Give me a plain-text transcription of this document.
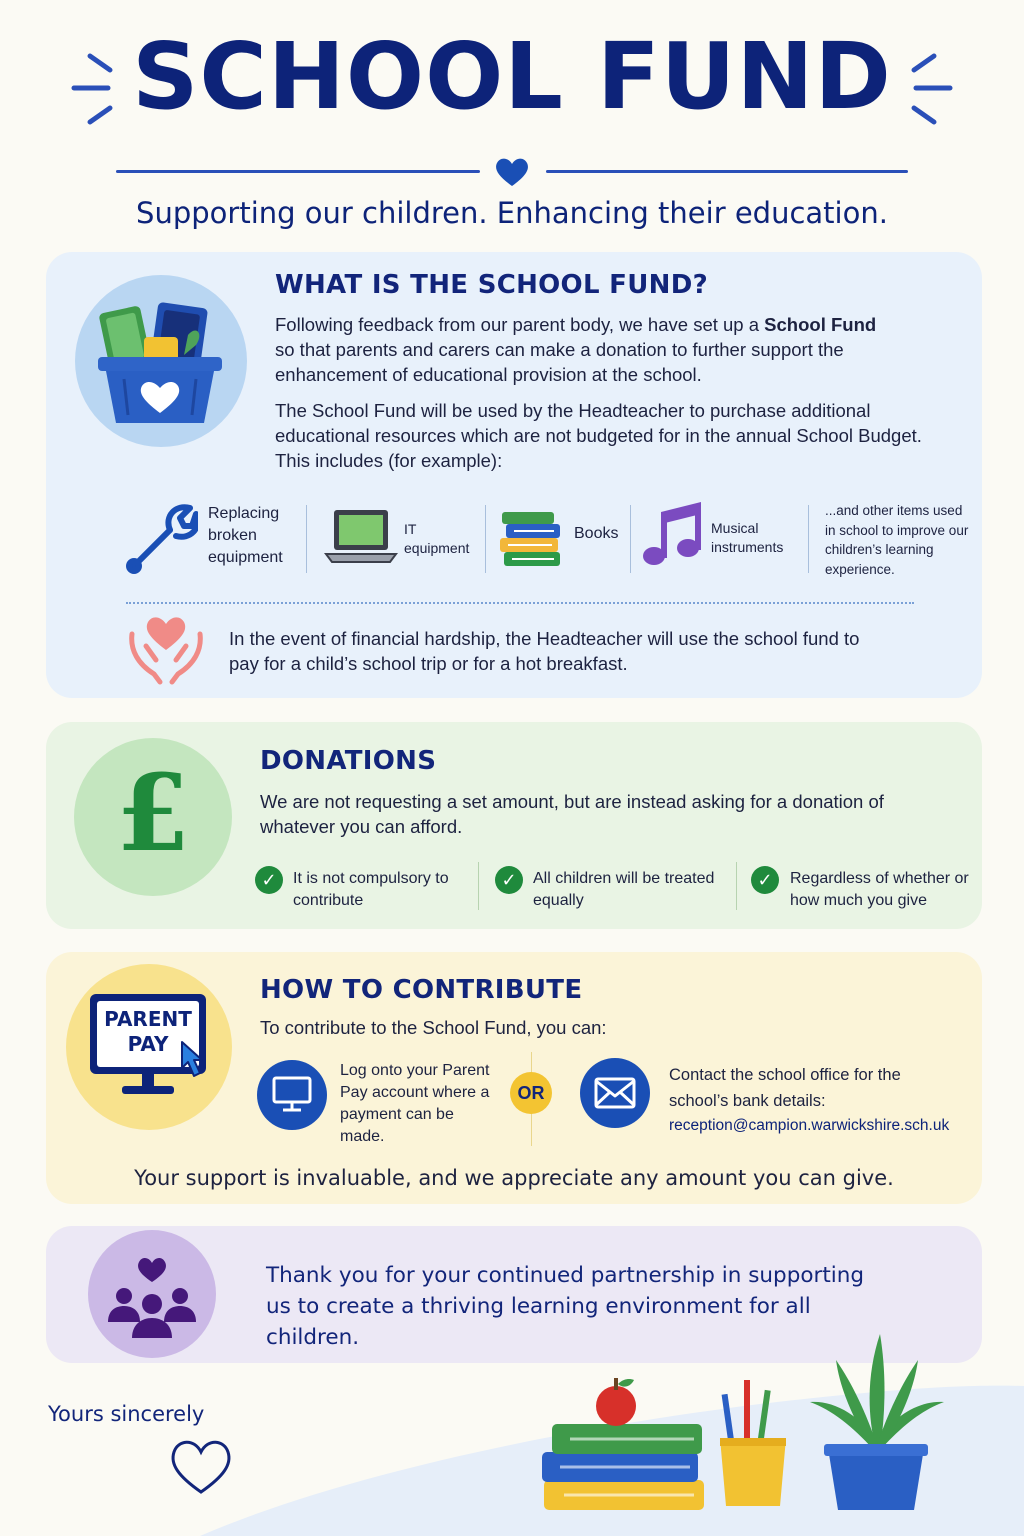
SCHOOL FUND
Supporting our children. Enhancing their education.
WHAT IS THE SCHOOL FUND?
Following feedback from our parent body, we have set up a School Fund so that parents and carers can make a donation to further support the enhancement of educational provision at the school.
The School Fund will be used by the Headteacher to purchase additional educational resources which are not budgeted for in the annual School Budget. This includes (for example):
Replacing broken equipment
IT equipment
Books	Musical instruments
...and other items used in school to improve our children’s learning experience.
In the event of financial hardship, the Headteacher will use the school fund to pay for a child’s school trip or for a hot breakfast.
£	DONATIONS
We are not requesting a set amount, but are instead asking for a donation of whatever you can afford.
✓	It is not compulsory to contribute
✓	All children will be treated equally
✓	Regardless of whether or how much you give
PARENT
PAY
HOW TO CONTRIBUTE
To contribute to the School Fund, you can:
Log onto your Parent Pay account where a payment can be made.
OR
Contact the school office for the school’s bank details:
reception@campion.warwickshire.sch.uk
Your support is invaluable, and we appreciate any amount you can give.
Thank you for your continued partnership in supporting us to create a thriving learning environment for all children.
Yours sincerely
